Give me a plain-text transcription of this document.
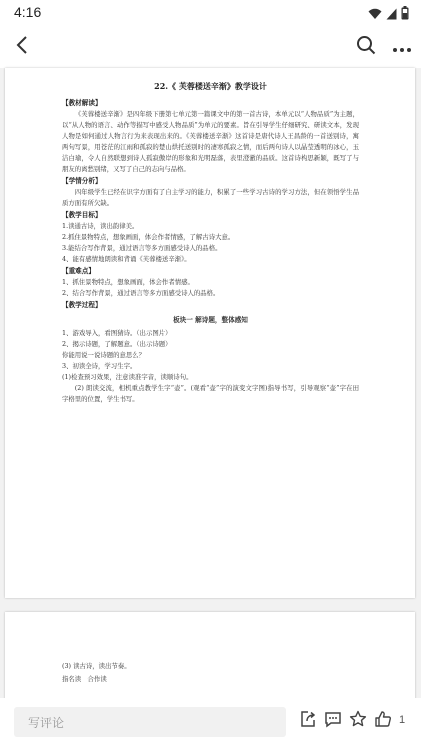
4:16
22.《 芙蓉楼送辛渐》教学设计
【教材解读】
《芙蓉楼送辛渐》是四年级下册第七单元第一篇课文中的第一首古诗，本单元以“人物品质”为主题，以“从人物的语言、动作等描写中感受人物品质”为单元的要素。旨在引导学生仔细研究、研读文本，发现人物是如何通过人物言行为来表现出来的。《芙蓉楼送辛渐》这首诗是唐代诗人王昌龄的一首送别诗，寓两句写景，用苍茫的江雨和孤寂的楚山烘托送别时的凄寒孤寂之情，而后两句诗人以晶莹透明的冰心，玉洁白瑜，令人自然联想到诗人孤寂傲岸的形象和光明磊落，表里澄澈的品质。这首诗构思新颖，既写了与朋友的离愁别绪，又写了自己的志向与品格。
【学情分析】
四年级学生已经在识字方面有了自主学习的能力，积累了一些学习古诗的学习方法，但在领悟学生品质方面有所欠缺。
【教学目标】
1.读通古诗，读出韵律美。
2.抓住景物特点，想象画面，体会作者情感，了解古诗大意。
3.能结合写作背景，通过语言等多方面感受诗人的品格。
4、能有感情地朗读和背诵《芙蓉楼送辛渐》。
【重难点】
1、抓住景物特点，想象画面，体会作者情感。
2、结合写作背景，通过语言等多方面感受诗人的品格。
【教学过程】
板块一 解诗题，整体感知
1、游戏导入，看图猜诗。（出示图片）
2、揭示诗题，了解题意。（出示诗题）
你能用说一说诗题的意思么？
3、初读全诗，学习生字。
(1)检查预习效果，注意读准字音，读顺诗句。
(2) 朗读交流，相机重点教学生字“壶”。(观看“壶”字的演变文字图)指导书写，引导观察“壶”字在田字格里的位置，学生书写。
(3) 读古诗，读出节奏。
指名读　合作读
写评论	1
